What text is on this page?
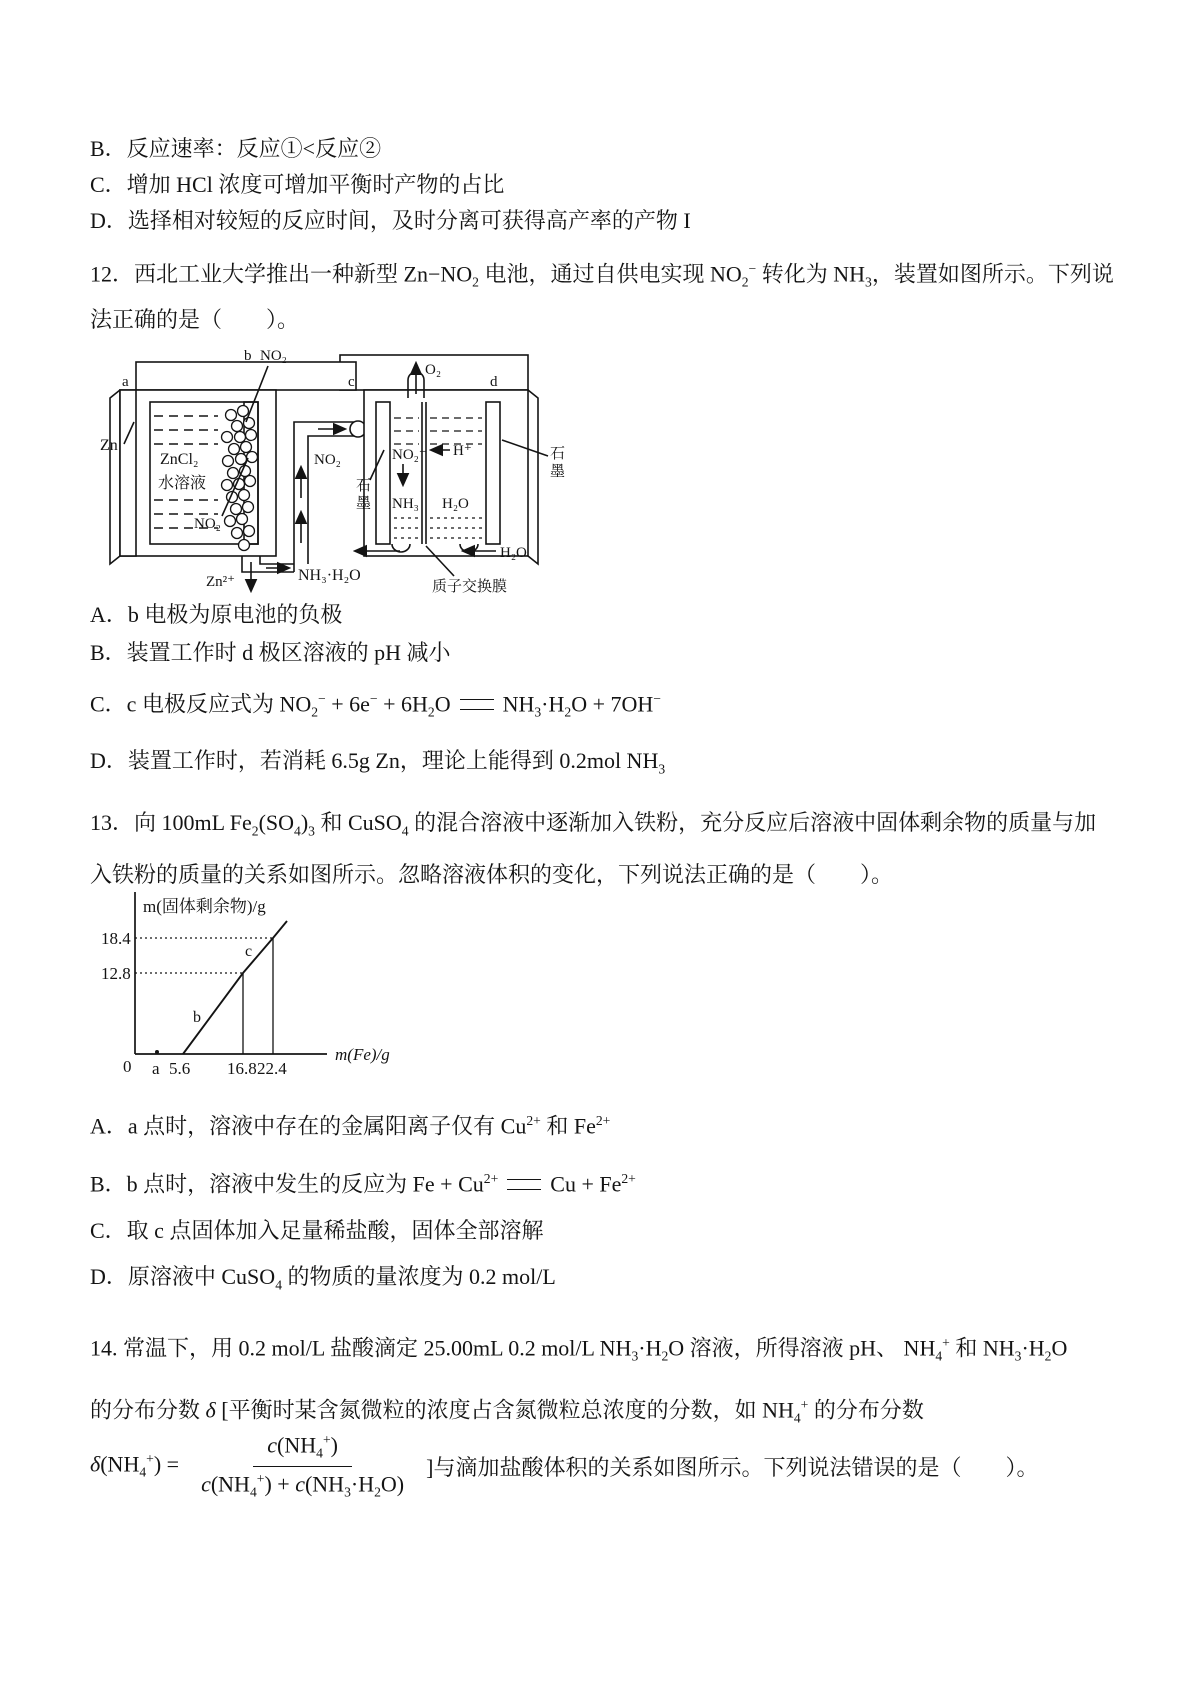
B．反应速率：反应①<反应②
C．增加 HCl 浓度可增加平衡时产物的占比
D．选择相对较短的反应时间，及时分离可获得高产率的产物 I
12．西北工业大学推出一种新型 $Zn-NO_2$ 电池，通过自供电实现 $NO_2^-$ 转化为 $NH_3$，装置如图所示。下列说
法正确的是（　　）。
a
b NO₂
c
O₂
d
Zn
ZnCl₂
水溶液
NO₂
NO₂
石
墨
石
墨
NO₂⁻ H⁺
NH₃ H₂O
NH₃·H₂O
H₂O
质子交换膜
Zn²⁺
A．b 电极为原电池的负极
B．装置工作时 d 极区溶液的 pH 减小
C．c 电极反应式为 $NO_2^- + 6e^- + 6H_2O$ $NH_3\cdot H_2O + 7OH^-$
D．装置工作时，若消耗 6.5g Zn，理论上能得到 0.2mol $NH_3$
13．向 100mL $Fe_2(SO_4)_3$ 和 CuSO$_4$ 的混合溶液中逐渐加入铁粉，充分反应后溶液中固体剩余物的质量与加
入铁粉的质量的关系如图所示。忽略溶液体积的变化，下列说法正确的是（　　）。
m(固体剩余物)/g
m(Fe)/g
18.4
12.8
0 a 5.6 16.8 22.4
b
c
A．a 点时，溶液中存在的金属阳离子仅有 $Cu^{2+}$ 和 $Fe^{2+}$
B．b 点时，溶液中发生的反应为 $Fe + Cu^{2+}$ $Cu + Fe^{2+}$
C．取 c 点固体加入足量稀盐酸，固体全部溶解
D．原溶液中 CuSO$_4$ 的物质的量浓度为 0.2 mol/L
14. 常温下，用 0.2 mol/L 盐酸滴定 25.00mL 0.2 mol/L $NH_3\cdot H_2O$ 溶液，所得溶液 pH、 $NH_4^+$ 和 $NH_3\cdot H_2O$
的分布分数 δ [平衡时某含氮微粒的浓度占含氮微粒总浓度的分数，如 $NH_4^+$ 的分布分数
$\delta(NH_4^+) = \frac{c(NH_4^+)}{c(NH_4^+) + c(NH_3\cdot H_2O)}$ ]与滴加盐酸体积的关系如图所示。下列说法错误的是（　　）。
